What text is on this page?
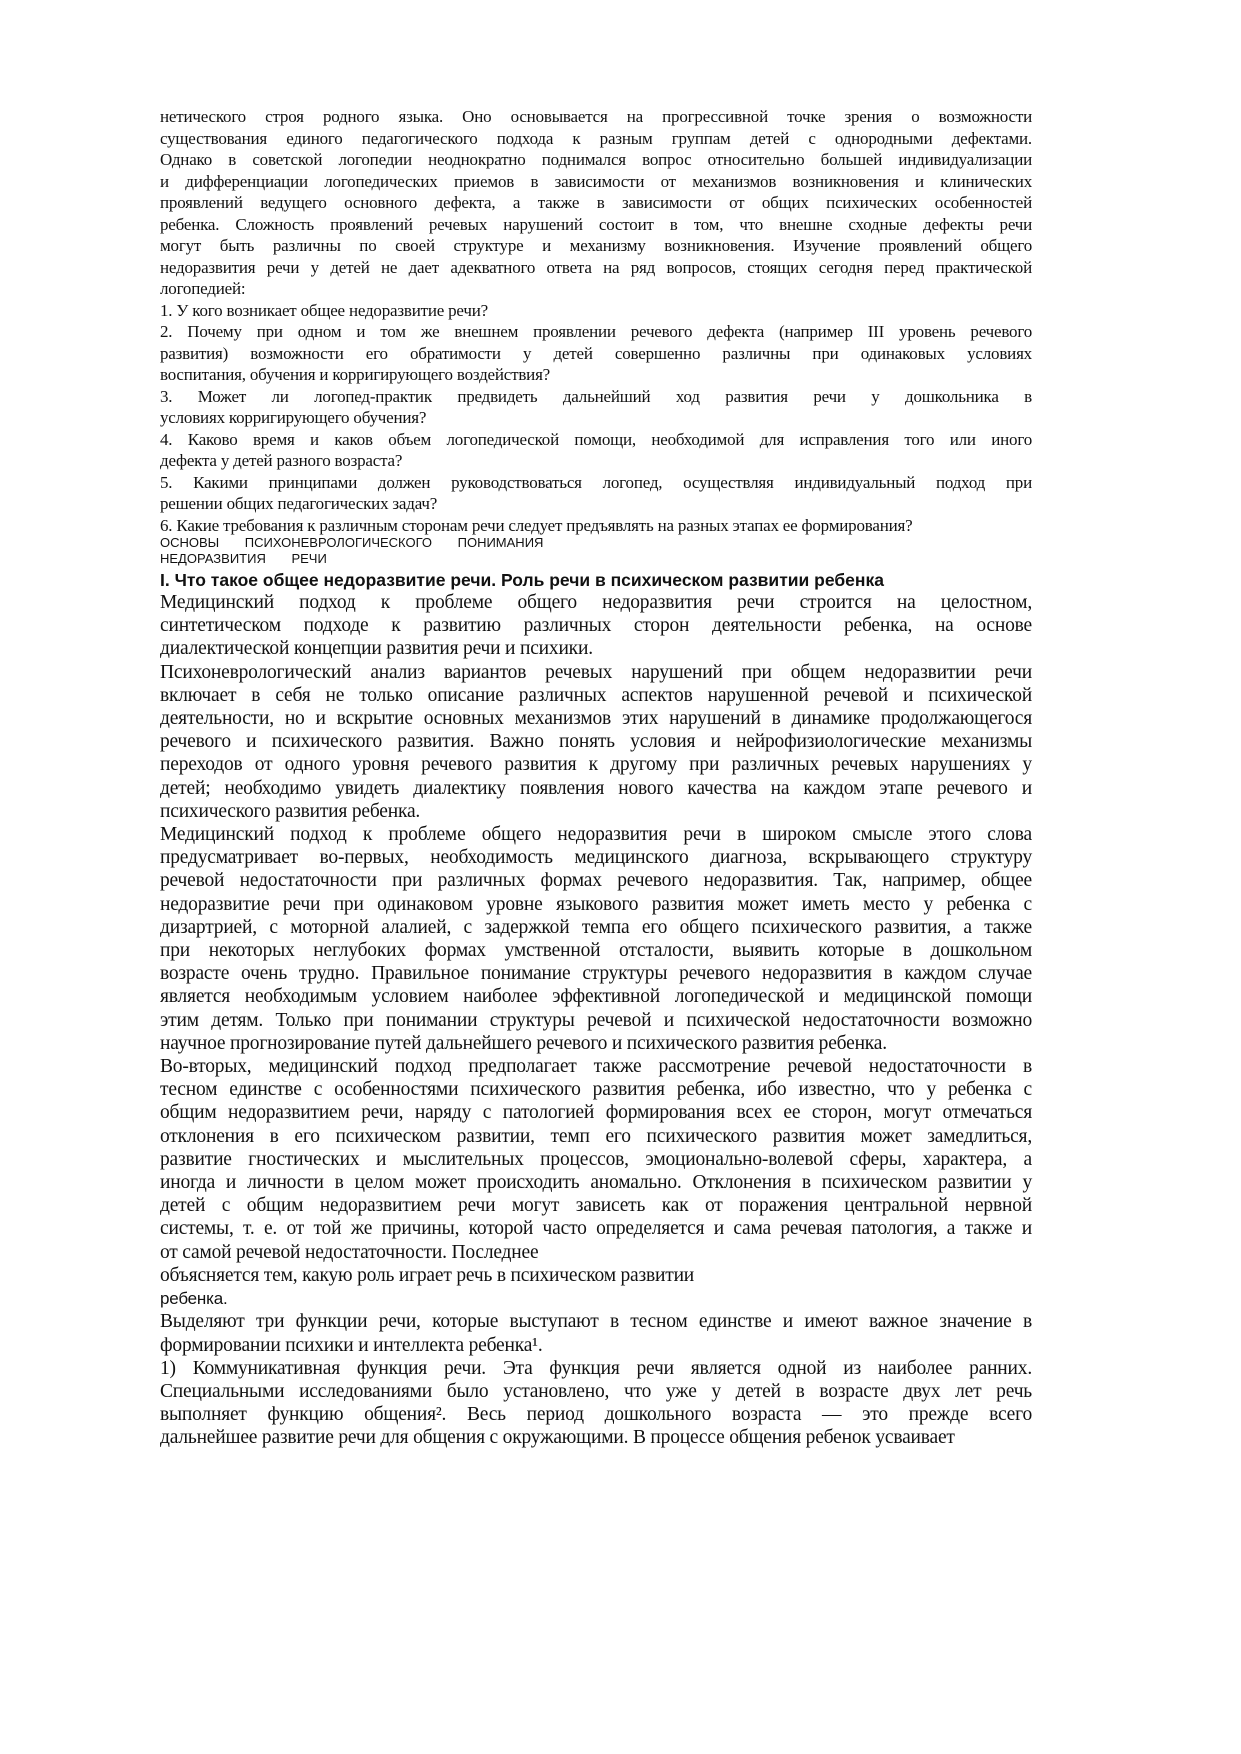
нетического строя родного языка. Оно основывается на прогрессивной точке зрения о возможности
существования единого педагогического подхода к разным группам детей с однородными дефектами.
Однако в советской логопедии неоднократно поднимался вопрос относительно большей индивидуализации
и дифференциации логопедических приемов в зависимости от механизмов возникновения и клинических
проявлений ведущего основного дефекта, а также в зависимости от общих психических особенностей
ребенка. Сложность проявлений речевых нарушений состоит в том, что внешне сходные дефекты речи
могут быть различны по своей структуре и механизму возникновения. Изучение проявлений общего
недоразвития речи у детей не дает адекватного ответа на ряд вопросов, стоящих сегодня перед практической
логопедией:
1. У кого возникает общее недоразвитие речи?
2. Почему при одном и том же внешнем проявлении речевого дефекта (например III уровень речевого
развития) возможности его обратимости у детей совершенно различны при одинаковых условиях
воспитания, обучения и корригирующего воздействия?
3. Может ли логопед-практик предвидеть дальнейший ход развития речи у дошкольника в
условиях корригирующего обучения?
4. Каково время и каков объем логопедической помощи, необходимой для исправления того или иного
дефекта у детей разного возраста?
5. Какими принципами должен руководствоваться логопед, осуществляя индивидуальный подход при
решении общих педагогических задач?
6. Какие требования к различным сторонам речи следует предъявлять на разных этапах ее формирования?
ОСНОВЫ ПСИХОНЕВРОЛОГИЧЕСКОГО ПОНИМАНИЯ
НЕДОРАЗВИТИЯ РЕЧИ
I. Что такое общее недоразвитие речи. Роль речи в психическом развитии ребенка
Медицинский подход к проблеме общего недоразвития речи строится на целостном,
синтетическом подходе к развитию различных сторон деятельности ребенка, на основе
диалектической концепции развития речи и психики.
Психоневрологический анализ вариантов речевых нарушений при общем недоразвитии речи
включает в себя не только описание различных аспектов нарушенной речевой и психической
деятельности, но и вскрытие основных механизмов этих нарушений в динамике продолжающегося
речевого и психического развития. Важно понять условия и нейрофизиологические механизмы
переходов от одного уровня речевого развития к другому при различных речевых нарушениях у
детей; необходимо увидеть диалектику появления нового качества на каждом этапе речевого и
психического развития ребенка.
Медицинский подход к проблеме общего недоразвития речи в широком смысле этого слова
предусматривает во-первых, необходимость медицинского диагноза, вскрывающего структуру
речевой недостаточности при различных формах речевого недоразвития. Так, например, общее
недоразвитие речи при одинаковом уровне языкового развития может иметь место у ребенка с
дизартрией, с моторной алалией, с задержкой темпа его общего психического развития, а также
при некоторых неглубоких формах умственной отсталости, выявить которые в дошкольном
возрасте очень трудно. Правильное понимание структуры речевого недоразвития в каждом случае
является необходимым условием наиболее эффективной логопедической и медицинской помощи
этим детям. Только при понимании структуры речевой и психической недостаточности возможно
научное прогнозирование путей дальнейшего речевого и психического развития ребенка.
Во-вторых, медицинский подход предполагает также рассмотрение речевой недостаточности в
тесном единстве с особенностями психического развития ребенка, ибо известно, что у ребенка с
общим недоразвитием речи, наряду с патологией формирования всех ее сторон, могут отмечаться
отклонения в его психическом развитии, темп его психического развития может замедлиться,
развитие гностических и мыслительных процессов, эмоционально-волевой сферы, характера, а
иногда и личности в целом может происходить аномально. Отклонения в психическом развитии у
детей с общим недоразвитием речи могут зависеть как от поражения центральной нервной
системы, т. е. от той же причины, которой часто определяется и сама речевая патология, а также и
от самой речевой недостаточности. Последнее
объясняется тем, какую роль играет речь в психическом развитии
ребенка.
Выделяют три функции речи, которые выступают в тесном единстве и имеют важное значение в
формировании психики и интеллекта ребенка¹.
1) Коммуникативная функция речи. Эта функция речи является одной из наиболее ранних.
Специальными исследованиями было установлено, что уже у детей в возрасте двух лет речь
выполняет функцию общения². Весь период дошкольного возраста — это прежде всего
дальнейшее развитие речи для общения с окружающими. В процессе общения ребенок усваивает
